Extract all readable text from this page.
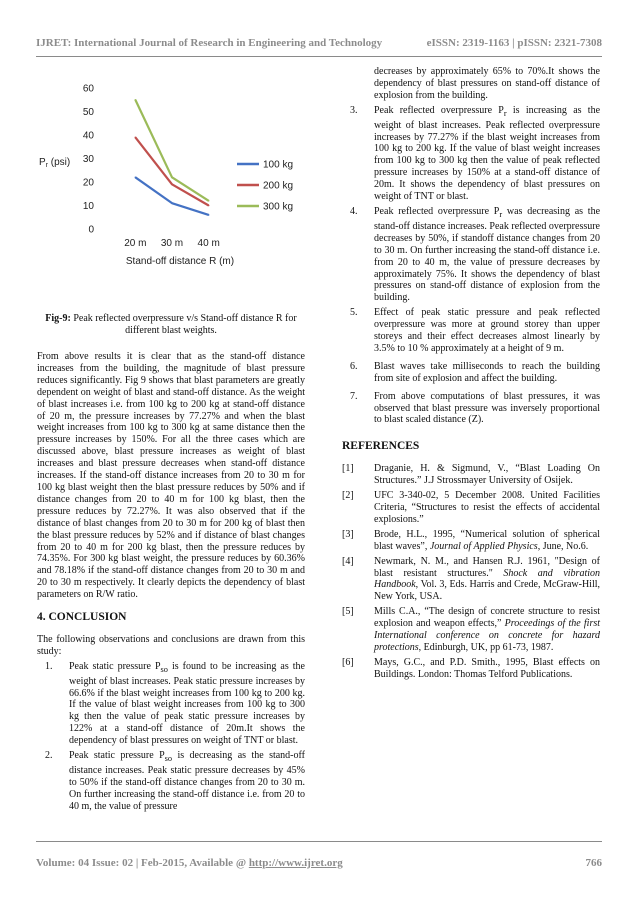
IJRET: International Journal of Research in Engineering and Technology	eISSN: 2319-1163 | pISSN: 2321-7308
0
10
20
30
40
50
60
$P_r$ (psi)
20 m 30 m 40 m
Stand-off distance R (m)
100 kg
200 kg
300 kg
Fig-9: Peak reflected overpressure v/s Stand-off distance R for different blast weights.

From above results it is clear that as the stand-off distance increases from the building, the magnitude of blast pressure reduces significantly. Fig 9 shows that blast parameters are greatly dependent on weight of blast and stand-off distance. As the weight of blast increases i.e. from 100 kg to 200 kg at stand-off distance of 20 m, the pressure increases by 77.27% and when the blast weight increases from 100 kg to 300 kg at same distance then the pressure increases by 150%. For all the three cases which are discussed above, blast pressure increases as weight of blast increases and blast pressure decreases when stand-off distance increases. If the stand-off distance increases from 20 to 30 m for 100 kg blast weight then the blast pressure reduces by 50% and if distance changes from 20 to 40 m for 100 kg blast, then the pressure reduces by 72.27%. It was also observed that if the distance of blast changes from 20 to 30 m for 200 kg of blast then the blast pressure reduces by 52% and if distance of blast changes from 20 to 40 m for 200 kg blast, then the pressure reduces by 74.35%. For 300 kg blast weight, the pressure reduces by 60.36% and 78.18% if the stand-off distance changes from 20 to 30 m and 20 to 30 m respectively. It clearly depicts the dependency of blast parameters on R/W ratio.

4. CONCLUSION

The following observations and conclusions are drawn from this study:

1. Peak static pressure $P_{so}$ is found to be increasing as the weight of blast increases. Peak static pressure increases by 66.6% if the blast weight increases from 100 kg to 200 kg. If the value of blast weight increases from 100 kg to 300 kg then the value of peak static pressure increases by 122% at a stand-off distance of 20m.It shows the dependency of blast pressures on weight of TNT or blast.
2. Peak static pressure $P_{so}$ is decreasing as the stand-off distance increases. Peak static pressure decreases by 45% to 50% if the stand-off distance changes from 20 to 30 m. On further increasing the stand-off distance i.e. from 20 to 40 m, the value of pressure

decreases by approximately 65% to 70%.It shows the dependency of blast pressures on stand-off distance of explosion from the building.

3. Peak reflected overpressure $P_r$ is increasing as the weight of blast increases. Peak reflected overpressure increases by 77.27% if the blast weight increases from 100 kg to 200 kg. If the value of blast weight increases from 100 kg to 300 kg then the value of peak reflected pressure increases by 150% at a stand-off distance of 20m. It shows the dependency of blast pressures on weight of TNT or blast.
4. Peak reflected overpressure $P_r$ was decreasing as the stand-off distance increases. Peak reflected overpressure decreases by 50%, if standoff distance changes from 20 to 30 m. On further increasing the stand-off distance i.e. from 20 to 40 m, the value of pressure decreases by approximately 75%. It shows the dependency of blast pressures on stand-off distance of explosion from the building.
5. Effect of peak static pressure and peak reflected overpressure was more at ground storey than upper storeys and their effect decreases almost linearly by 3.5% to 10 % approximately at a height of 9 m.
6. Blast waves take milliseconds to reach the building from site of explosion and affect the building.
7. From above computations of blast pressures, it was observed that blast pressure was inversely proportional to blast scaled distance (Z).
REFERENCES
[1] Draganie, H. & Sigmund, V., “Blast Loading On Structures.” J.J Strossmayer University of Osijek.
[2] UFC 3-340-02, 5 December 2008. United Facilities Criteria, “Structures to resist the effects of accidental explosions.”
[3] Brode, H.L., 1995, “Numerical solution of spherical blast waves”, Journal of Applied Physics, June, No.6.
[4] Newmark, N. M., and Hansen R.J. 1961, "Design of blast resistant structures." Shock and vibration Handbook, Vol. 3, Eds. Harris and Crede, McGraw-Hill, New York, USA.
[5] Mills C.A., “The design of concrete structure to resist explosion and weapon effects,” Proceedings of the first International conference on concrete for hazard protections, Edinburgh, UK, pp 61-73, 1987.
[6] Mays, G.C., and P.D. Smith., 1995, Blast effects on Buildings. London: Thomas Telford Publications.
Volume: 04 Issue: 02 | Feb-2015, Available @ http://www.ijret.org	766
